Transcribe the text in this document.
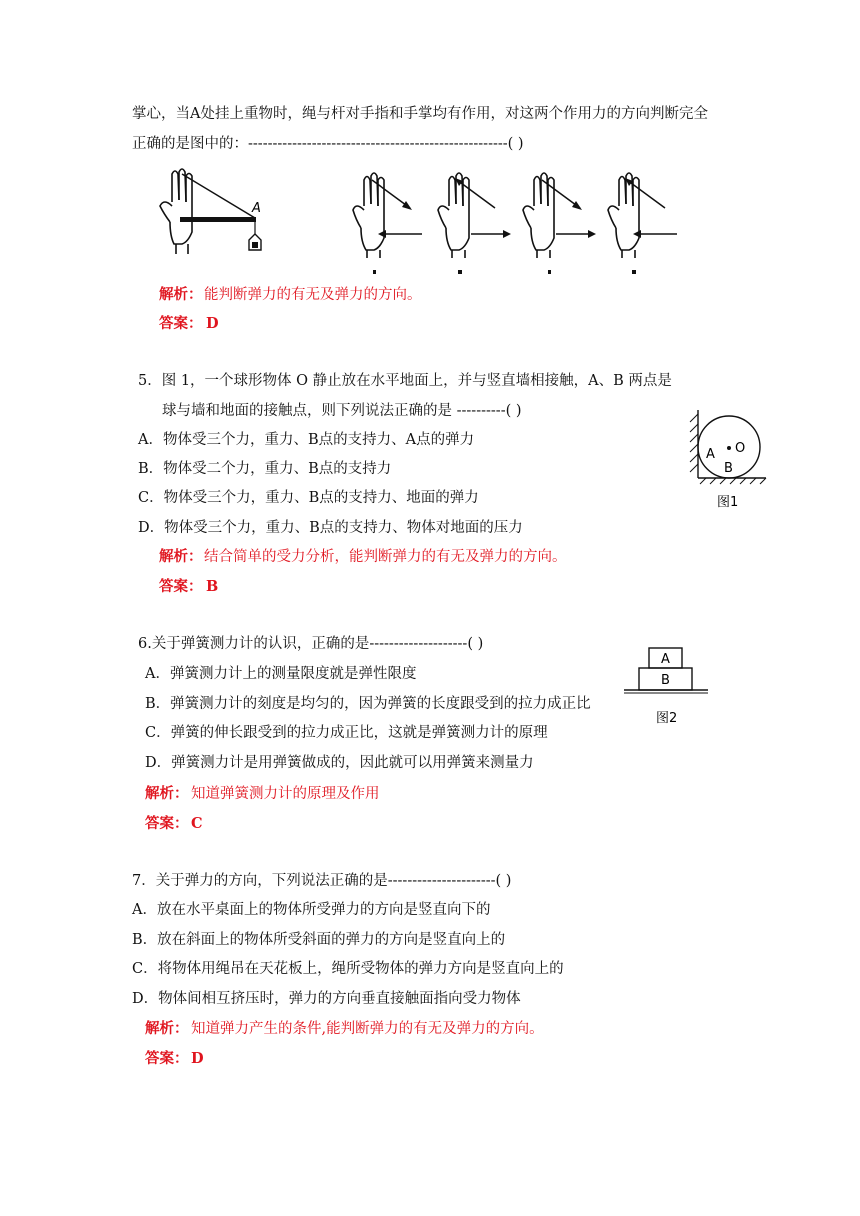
掌心，当A处挂上重物时，绳与杆对手指和手掌均有作用，对这两个作用力的方向判断完全
正确的是图中的：-----------------------------------------------------( )
A
解析： 能判断弹力的有无及弹力的方向。
答案： D
5．图 1，一个球形物体 O 静止放在水平地面上，并与竖直墙相接触，A、B 两点是
球与墙和地面的接触点，则下列说法正确的是 ----------( )
A．物体受三个力，重力、B点的支持力、A点的弹力
B．物体受二个力，重力、B点的支持力
C．物体受三个力，重力、B点的支持力、地面的弹力
D．物体受三个力，重力、B点的支持力、物体对地面的压力
A O
B
图1
解析： 结合简单的受力分析，能判断弹力的有无及弹力的方向。
答案： B
6.关于弹簧测力计的认识，正确的是--------------------( )
A．弹簧测力计上的测量限度就是弹性限度
B．弹簧测力计的刻度是均匀的，因为弹簧的长度跟受到的拉力成正比
C．弹簧的伸长跟受到的拉力成正比，这就是弹簧测力计的原理
D．弹簧测力计是用弹簧做成的，因此就可以用弹簧来测量力
A
B
图2
解析： 知道弹簧测力计的原理及作用
答案： C
7．关于弹力的方向，下列说法正确的是----------------------( )
A．放在水平桌面上的物体所受弹力的方向是竖直向下的
B．放在斜面上的物体所受斜面的弹力的方向是竖直向上的
C．将物体用绳吊在天花板上，绳所受物体的弹力方向是竖直向上的
D．物体间相互挤压时，弹力的方向垂直接触面指向受力物体
解析： 知道弹力产生的条件,能判断弹力的有无及弹力的方向。
答案： D
